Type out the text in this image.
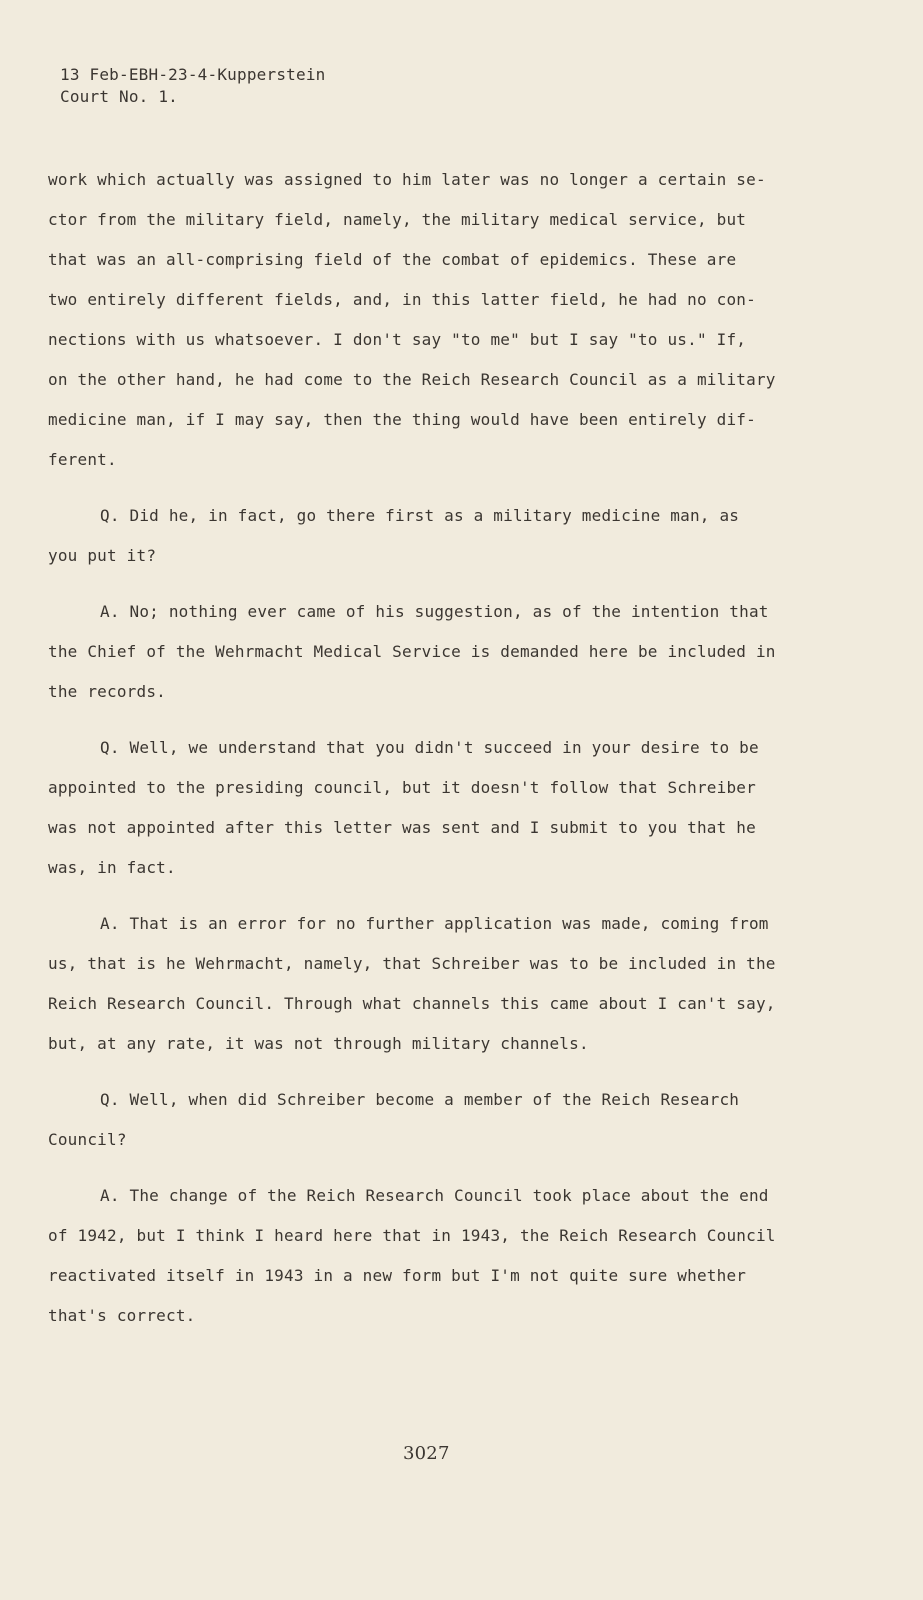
13 Feb-EBH-23-4-Kupperstein
Court No. 1.

work which actually was assigned to him later was no longer a certain se-
ctor from the military field, namely, the military medical service, but
that was an all-comprising field of the combat of epidemics. These are
two entirely different fields, and, in this latter field, he had no con-
nections with us whatsoever. I don't say "to me" but I say "to us." If,
on the other hand, he had come to the Reich Research Council as a military
medicine man, if I may say, then the thing would have been entirely dif-
ferent.

Q. Did he, in fact, go there first as a military medicine man, as
you put it?

A. No; nothing ever came of his suggestion, as of the intention that
the Chief of the Wehrmacht Medical Service is demanded here be included in
the records.

Q. Well, we understand that you didn't succeed in your desire to be
appointed to the presiding council, but it doesn't follow that Schreiber
was not appointed after this letter was sent and I submit to you that he
was, in fact.

A. That is an error for no further application was made, coming from
us, that is he Wehrmacht, namely, that Schreiber was to be included in the
Reich Research Council. Through what channels this came about I can't say,
but, at any rate, it was not through military channels.

Q. Well, when did Schreiber become a member of the Reich Research
Council?

A. The change of the Reich Research Council took place about the end
of 1942, but I think I heard here that in 1943, the Reich Research Council
reactivated itself in 1943 in a new form but I'm not quite sure whether
that's correct.

3027
